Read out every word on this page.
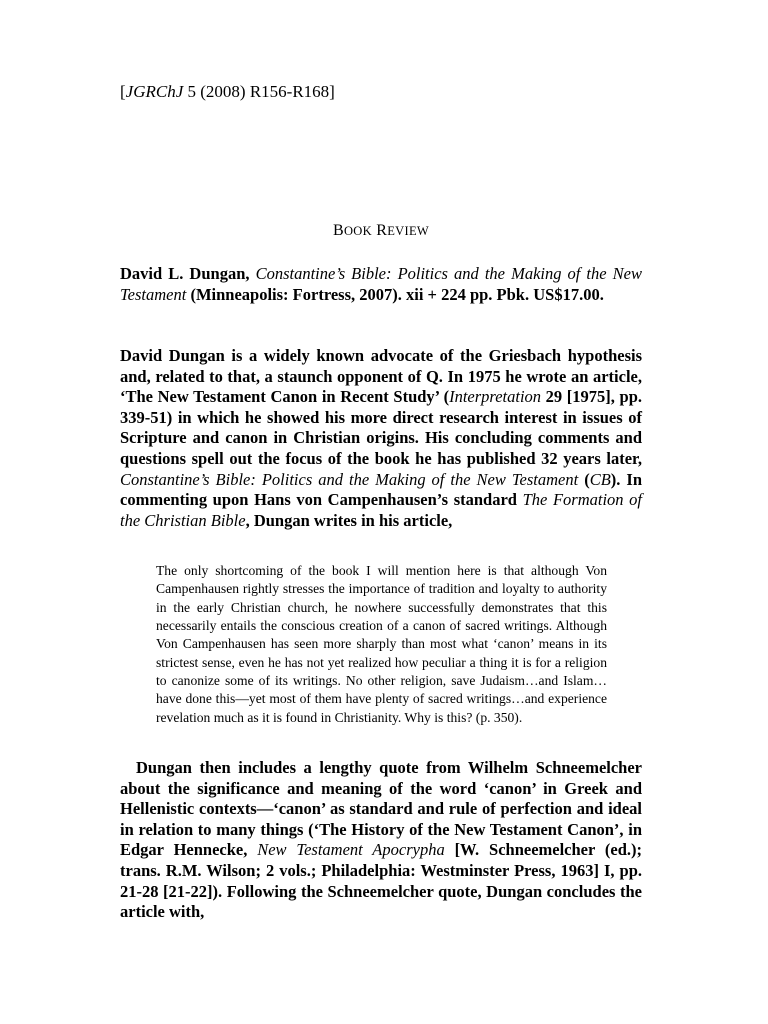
[JGRChJ 5 (2008) R156-R168]
BOOK REVIEW
David L. Dungan, Constantine’s Bible: Politics and the Making of the New Testament (Minneapolis: Fortress, 2007). xii + 224 pp. Pbk. US$17.00.
David Dungan is a widely known advocate of the Griesbach hypothesis and, related to that, a staunch opponent of Q. In 1975 he wrote an article, ‘The New Testament Canon in Recent Study’ (Interpretation 29 [1975], pp. 339-51) in which he showed his more direct research interest in issues of Scripture and canon in Christian origins. His concluding comments and questions spell out the focus of the book he has published 32 years later, Constantine’s Bible: Politics and the Making of the New Testament (CB). In commenting upon Hans von Campenhausen’s standard The Formation of the Christian Bible, Dungan writes in his article,
The only shortcoming of the book I will mention here is that although Von Campenhausen rightly stresses the importance of tradition and loyalty to authority in the early Christian church, he nowhere successfully demonstrates that this necessarily entails the conscious creation of a canon of sacred writings. Although Von Campenhausen has seen more sharply than most what ‘canon’ means in its strictest sense, even he has not yet realized how peculiar a thing it is for a religion to canonize some of its writings. No other religion, save Judaism…and Islam…have done this—yet most of them have plenty of sacred writings…and experience revelation much as it is found in Christianity. Why is this? (p. 350).
Dungan then includes a lengthy quote from Wilhelm Schneemelcher about the significance and meaning of the word ‘canon’ in Greek and Hellenistic contexts—‘canon’ as standard and rule of perfection and ideal in relation to many things (‘The History of the New Testament Canon’, in Edgar Hennecke, New Testament Apocrypha [W. Schneemelcher (ed.); trans. R.M. Wilson; 2 vols.; Philadelphia: Westminster Press, 1963] I, pp. 21-28 [21-22]). Following the Schneemelcher quote, Dungan concludes the article with,
